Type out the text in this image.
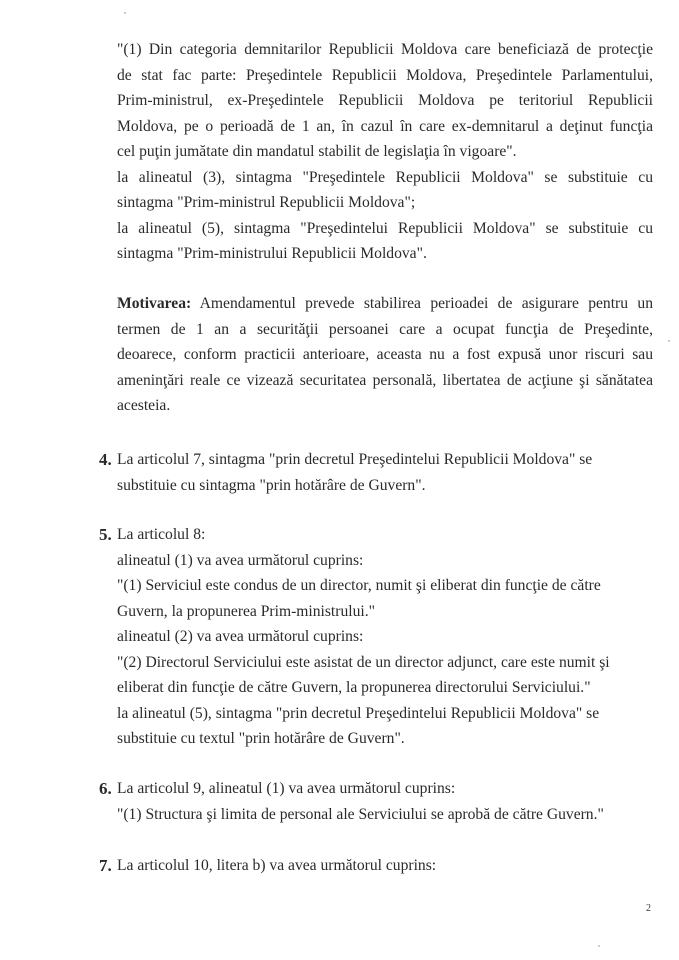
"(1) Din categoria demnitarilor Republicii Moldova care beneficiază de protecţie

de stat fac parte: Preşedintele Republicii Moldova, Preşedintele Parlamentului,

Prim-ministrul, ex-Preşedintele Republicii Moldova pe teritoriul Republicii

Moldova, pe o perioadă de 1 an, în cazul în care ex-demnitarul a deţinut funcţia

cel puţin jumătate din mandatul stabilit de legislaţia în vigoare".

la alineatul (3), sintagma "Preşedintele Republicii Moldova" se substituie cu

sintagma "Prim-ministrul Republicii Moldova";

la alineatul (5), sintagma "Preşedintelui Republicii Moldova" se substituie cu

sintagma "Prim-ministrului Republicii Moldova".

Motivarea: Amendamentul prevede stabilirea perioadei de asigurare pentru un

termen de 1 an a securităţii persoanei care a ocupat funcţia de Preşedinte,

deoarece, conform practicii anterioare, aceasta nu a fost expusă unor riscuri sau

ameninţări reale ce vizează securitatea personală, libertatea de acţiune şi sănătatea

acesteia.

4. La articolul 7, sintagma "prin decretul Preşedintelui Republicii Moldova" se

substituie cu sintagma "prin hotărâre de Guvern".

5. La articolul 8:

alineatul (1) va avea următorul cuprins:

"(1) Serviciul este condus de un director, numit şi eliberat din funcţie de către

Guvern, la propunerea Prim-ministrului."

alineatul (2) va avea următorul cuprins:

"(2) Directorul Serviciului este asistat de un director adjunct, care este numit şi

eliberat din funcţie de către Guvern, la propunerea directorului Serviciului."

la alineatul (5), sintagma "prin decretul Preşedintelui Republicii Moldova" se

substituie cu textul "prin hotărâre de Guvern".

6. La articolul 9, alineatul (1) va avea următorul cuprins:

"(1) Structura şi limita de personal ale Serviciului se aprobă de către Guvern."

7. La articolul 10, litera b) va avea următorul cuprins:

2
